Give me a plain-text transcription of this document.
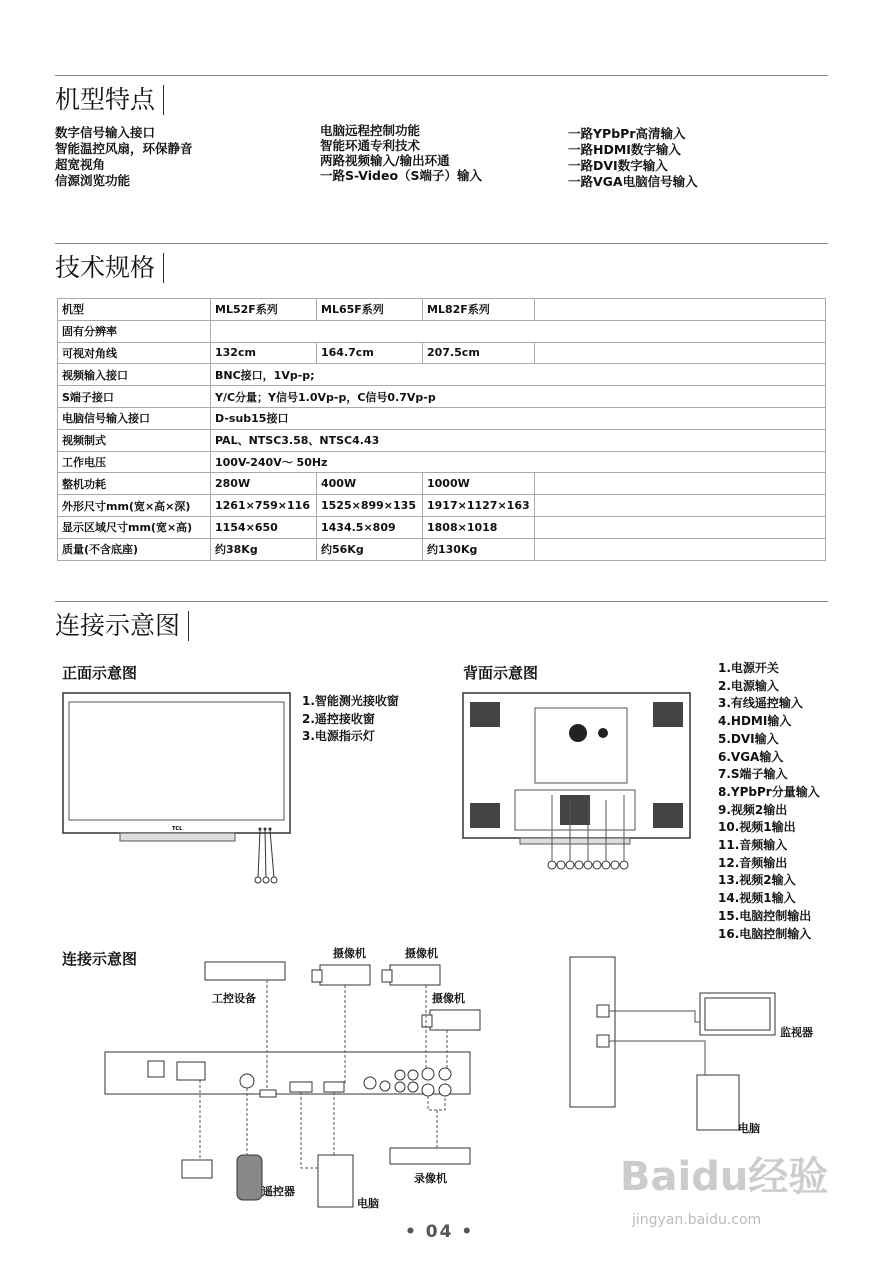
机型特点
数字信号输入接口
智能温控风扇，环保静音
超宽视角
信源浏览功能
电脑远程控制功能
智能环通专利技术
两路视频输入/输出环通
一路S-Video（S端子）输入
一路YPbPr高清输入
一路HDMI数字输入
一路DVI数字输入
一路VGA电脑信号输入
技术规格
机型	ML52F系列	ML65F系列	ML82F系列	
固有分辨率				
可视对角线	132cm	164.7cm	207.5cm	
视频输入接口	BNC接口，1Vp-p;			
S端子接口	Y/C分量；Y信号1.0Vp-p，C信号0.7Vp-p			
电脑信号输入接口	D-sub15接口			
视频制式	PAL、NTSC3.58、NTSC4.43			
工作电压	100V-240V～ 50Hz			
整机功耗	280W	400W	1000W	
外形尺寸mm(宽×高×深)	1261×759×116	1525×899×135	1917×1127×163	
显示区域尺寸mm(宽×高)	1154×650	1434.5×809	1808×1018	
质量(不含底座)	约38Kg	约56Kg	约130Kg	
连接示意图
正面示意图
TCL
1.智能测光接收窗
2.遥控接收窗
3.电源指示灯
背面示意图	1.电源开关
2.电源输入
3.有线遥控输入
4.HDMI输入
5.DVI输入
6.VGA输入
7.S端子输入
8.YPbPr分量输入
9.视频2输出
10.视频1输出
11.音频输入
12.音频输出
13.视频2输入
14.视频1输入
15.电脑控制输出
16.电脑控制输入
连接示意图
工控设备
摄像机	摄像机
摄像机
遥控器
电脑
录像机
监视器
电脑
• 04 •
Baidu经验
jingyan.baidu.com
